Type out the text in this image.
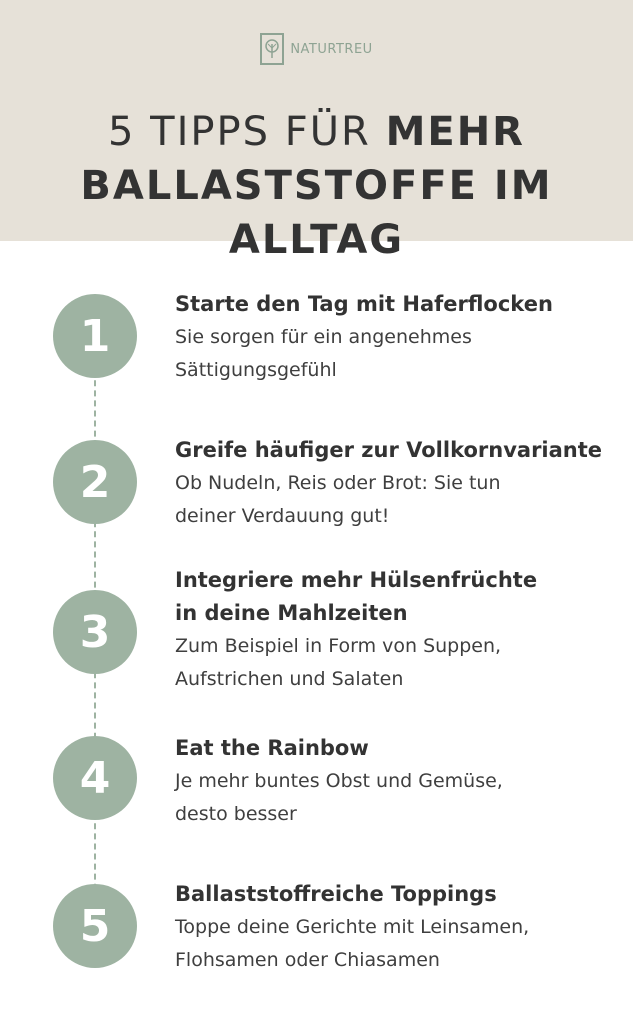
NATURTREU
5 TIPPS FÜR MEHR
BALLASTSTOFFE IM ALLTAG
1
Starte den Tag mit Haferflocken
Sie sorgen für ein angenehmes
Sättigungsgefühl
2
Greife häufiger zur Vollkornvariante
Ob Nudeln, Reis oder Brot: Sie tun
deiner Verdauung gut!
3
Integriere mehr Hülsenfrüchte
in deine Mahlzeiten
Zum Beispiel in Form von Suppen,
Aufstrichen und Salaten
4
Eat the Rainbow
Je mehr buntes Obst und Gemüse,
desto besser
5
Ballaststoffreiche Toppings
Toppe deine Gerichte mit Leinsamen,
Flohsamen oder Chiasamen
